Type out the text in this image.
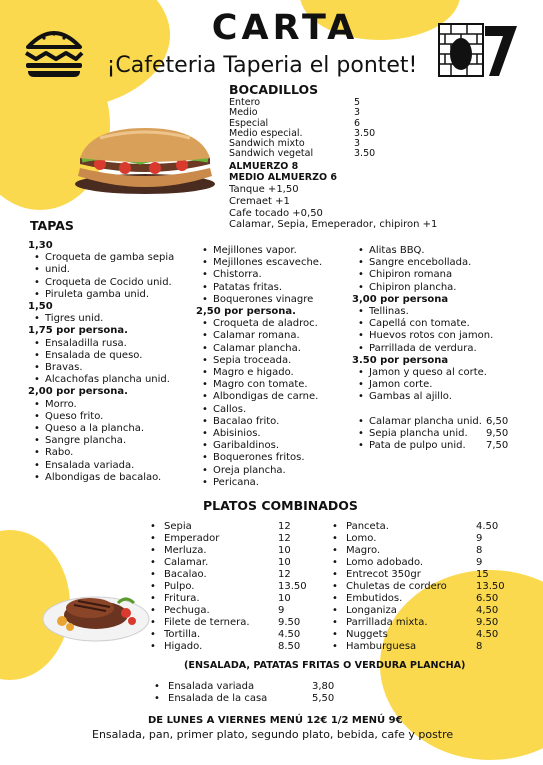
CARTA
¡Cafeteria Taperia el pontet!
BOCADILLOS
Entero	5
Medio	3
Especial	6
Medio especial.	3.50
Sandwich mixto	3
Sandwich vegetal	3.50
ALMUERZO 8
MEDIO ALMUERZO 6
Tanque +1,50
Cremaet +1
Cafe tocado +0,50
Calamar, Sepia, Emeperador, chipiron +1
TAPAS
1,30
• Croqueta de gamba sepia
• unid.
• Croqueta de Cocido unid.
• Piruleta gamba unid.
1,50
• Tigres unid.
1,75 por persona.
• Ensaladilla rusa.
• Ensalada de queso.
• Bravas.
• Alcachofas plancha unid.
2,00 por persona.
• Morro.
• Queso frito.
• Queso a la plancha.
• Sangre plancha.
• Rabo.
• Ensalada variada.
• Albondigas de bacalao.
• Mejillones vapor.
• Mejillones escaveche.
• Chistorra.
• Patatas fritas.
• Boquerones vinagre
2,50 por persona.
• Croqueta de aladroc.
• Calamar romana.
• Calamar plancha.
• Sepia troceada.
• Magro e higado.
• Magro con tomate.
• Albondigas de carne.
• Callos.
• Bacalao frito.
• Abisinios.
• Garibaldinos.
• Boquerones fritos.
• Oreja plancha.
• Pericana.
• Alitas BBQ.
• Sangre encebollada.
• Chipiron romana
• Chipiron plancha.
3,00 por persona
• Tellinas.
• Capellá con tomate.
• Huevos rotos con jamon.
• Parrillada de verdura.
3.50 por persona
• Jamon y queso al corte.
• Jamon corte.
• Gambas al ajillo.
• Calamar plancha unid. 6,50
• Sepia plancha unid. 9,50
• Pata de pulpo unid. 7,50
PLATOS COMBINADOS
• Sepia	12
• Emperador	12
• Merluza.	10
• Calamar.	10
• Bacalao.	12
• Pulpo.	13.50
• Fritura.	10
• Pechuga.	9
• Filete de ternera.	9.50
• Tortilla.	4.50
• Higado.	8.50
• Panceta.	4.50
• Lomo.	9
• Magro.	8
• Lomo adobado.	9
• Entrecot 350gr	15
• Chuletas de cordero	13.50
• Embutidos.	6.50
• Longaniza	4,50
• Parrillada mixta.	9.50
• Nuggets	4.50
• Hamburguesa	8
(ENSALADA, PATATAS FRITAS O VERDURA PLANCHA)
• Ensalada variada	3,80
• Ensalada de la casa	5,50
DE LUNES A VIERNES MENÚ 12€ 1/2 MENÚ 9€
Ensalada, pan, primer plato, segundo plato, bebida, cafe y postre
